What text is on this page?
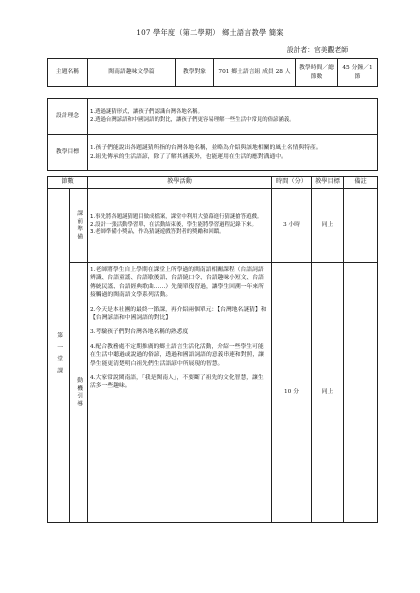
107 學年度（第二學期） 鄉土語言教學 簡案
設計者：官美觀老師
主題名稱	閩南語趣味文學篇	教學對象	701 鄉土語言組 成員 28 人	教學時間／總節數	45 分鐘／1 節
設計理念	1.透過謎猜形式，讓孩子們認識台灣各地名稱。
2.透過台灣諺語和中國詞語的對比，讓孩子們更容易理解一些生活中常見的俗諺涵義。

教學目標	1.孩子們能說出各題謎猜所指的台灣各地名稱，並略為介紹與該地相關的風土名情與特產。
2.組先傳承的生活語諺，除了了解其涵義外，也能運用在生活的應對溝通中。
節數		教學活動	時間（分）	教學目標	備註
第一堂課	課前準備	1.事先將各題謎猜題目做成檔案，課堂中利用大螢幕進行猜謎搶答遊戲。
2.設計一張活動學習單，在活動結束後，學生能將學習過程記錄下來。
3.老師準備小獎品，作為猜謎遊戲答對者的獎勵和回饋。	3 小時	同上	
	動機引導	1.老師將學生自上學期在課堂上所學過的閩南語相關課程（台語詞語辨識、台語童謠、台語歇後語、台語繞口令、台語趣味小短文、台語傳統民謠、台語經典歌曲……）先簡單復習過，讓學生回溯一年來所接觸過的閩南語文學系列活動。
2.今天是本社團的最終一節課，再介紹兩個單元：【台灣地名謎猜】和【台灣諺語和中國詞語的對比】
3.考驗孩子們對台灣各地名稱的熟悉度
4.配合教務處不定期推廣的鄉土語言生活化活動，介紹一些學生可能在生活中聽過或說過的俗諺，透過和國語詞語的意義串連和對照，讓學生能更清楚明白祖先們生活語諺中所展現的智慧。
4.大家常說閩南語，「我是閩南人」，不要斷了祖先的文化智慧，讓生活多一些趣味。	10 分	同上	
